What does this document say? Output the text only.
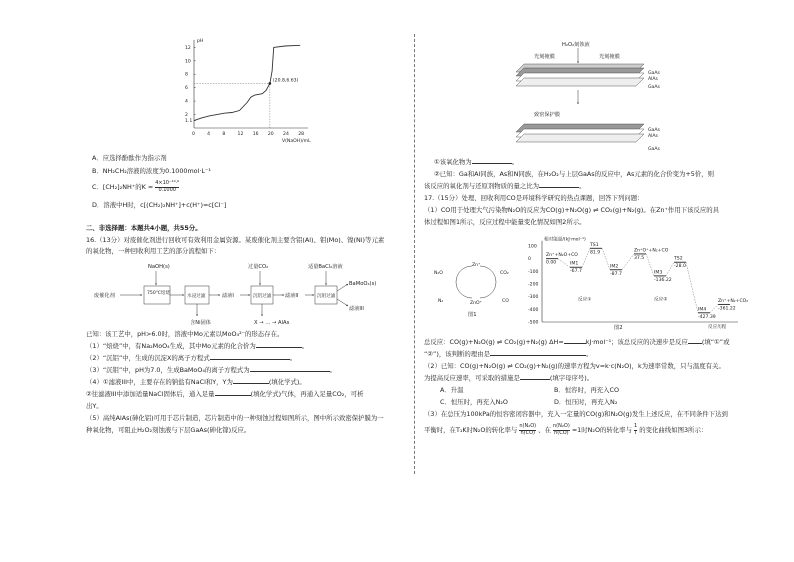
pH
V(NaOH)/mL
0	4	8	12 16 20 24 28
12
10
8
6
4
2
1.1
(20.8,6.63)
A．应选择酚酞作为指示剂
B．NH₂CH₂溶液的浓度为0.1000mol·L⁻¹
C．[CH₂]₂NH⁺的$K = \frac{\text{4×10⁻¹⁰·⁶}}{0.1000}$
D．溶液中H时，c[(CH₂)₂NH⁺]+c(H⁺)=c[Cl⁻]
二、非选择题：本题共4小题，共55分。
16.（13分）对废催化剂进行回收可有效利用金属资源。某废催化剂主要含铝(Al)、钼(Mo)、镍(Ni)等元素
的氧化物，一种回收利用工艺的部分流程如下：
废催化剂
NaOH(s)
750℃焙烧
水浸过滤
含Ni固体
滤液I
过量CO₂
沉铝过滤
X → … → AlAs
滤液II
适量BaCl₂溶液
沉钼过滤
BaMoO₄(s)
滤液III
已知：该工艺中，pH>6.0时，溶液中Mo元素以MoO₄²⁻的形态存在。
（1）“焙烧”中，有Na₂MoO₄生成，其中Mo元素的化合价为	。
（2）“沉铝”中，生成的沉淀X的离子方程式	。
（3）“沉钼”中，pH为7.0，生成BaMoO₄的离子方程式为	。
（4）①滤液III中，主要存在的钠盐有NaCl和Y，Y为	(填化学式)。
②往滤液III中添加适量NaCl固体后，通入足量	(填化学式)气体，再通入足量CO₂，可析
出Y。
（5）高纯AlAs(砷化铝)可用于芯片制造，芯片制造中的一种刻蚀过程如图所示，图中所示致密保护膜为一
种氧化物，可阻止H₂O₂刻蚀液与下层GaAs(砷化镓)反应。
H₂O₂刻蚀液
光刻掩膜	光刻掩膜
GaAs
AlAs
GaAs
致密保护膜
GaAs
AlAs
GaAs
①该氧化物为	。
②已知：Ga和Al同族，As和N同族，在H₂O₂与上层GaAs的反应中，As元素的化合价变为+5价，则
该反应的氧化剂与还原剂物质的量之比为	。
17.（15分）处理、回收利用CO是环境科学研究的热点课题，回答下列问题：
（1）CO用于处理大气污染物N₂O的反应为CO(g)+N₂O(g) ⇌ CO₂(g)+N₂(g)。在Zn⁺作用下该反应的具
体过程如图1所示，反应过程中能量变化情况如图2所示。
Zn⁺
ZnO⁺
N₂O
N₂
CO₂
CO
图1
相对能量/(kJ·mol⁻¹)
反应历程
图2
反应①	反应②
100
0
-100
-200
-300
-400
-500
Zn⁺+N₂O+CO
0.00	IM1
-67.7
TS1
81.9
IM2
-87.7
Zn⁺O⁺+N₂+CO
37.5
IM3
-136.22
TS2
-28.0
IM4
-427.39
Zn⁺+N₂+CO₂
-361.22
总反应：CO(g)+N₂O(g) ⇌ CO₂(g)+N₂(g) ΔH=	kJ·mol⁻¹；该总反应的决速步是反应 (填“①”或
“②”)，该判断的理由是	。
（2）已知：CO(g)+N₂O(g) ⇌ CO₂(g)+N₂(g)的速率方程为v=k·c(N₂O)，k为速率常数，只与温度有关。
为提高反应速率，可采取的措施是	(填字母序号)。
A．升温	B．恒容时，再充入CO
C．恒压时，再充入N₂O	D．恒压时，再充入N₂
（3）在总压为100kPa的恒容密闭容器中，充入一定量的CO(g)和N₂O(g)发生上述反应，在不同条件下达到
平衡时，在T₁K时N₂O的转化率与 $\frac{\text{n(N₂O)}}{n(CO)}$ 、在 $\frac{\text{n(N₂O)}}{n(CO)} =1$时N₂O的转化率与 $\frac{1}{T}$ 的变化曲线如图3所示：
